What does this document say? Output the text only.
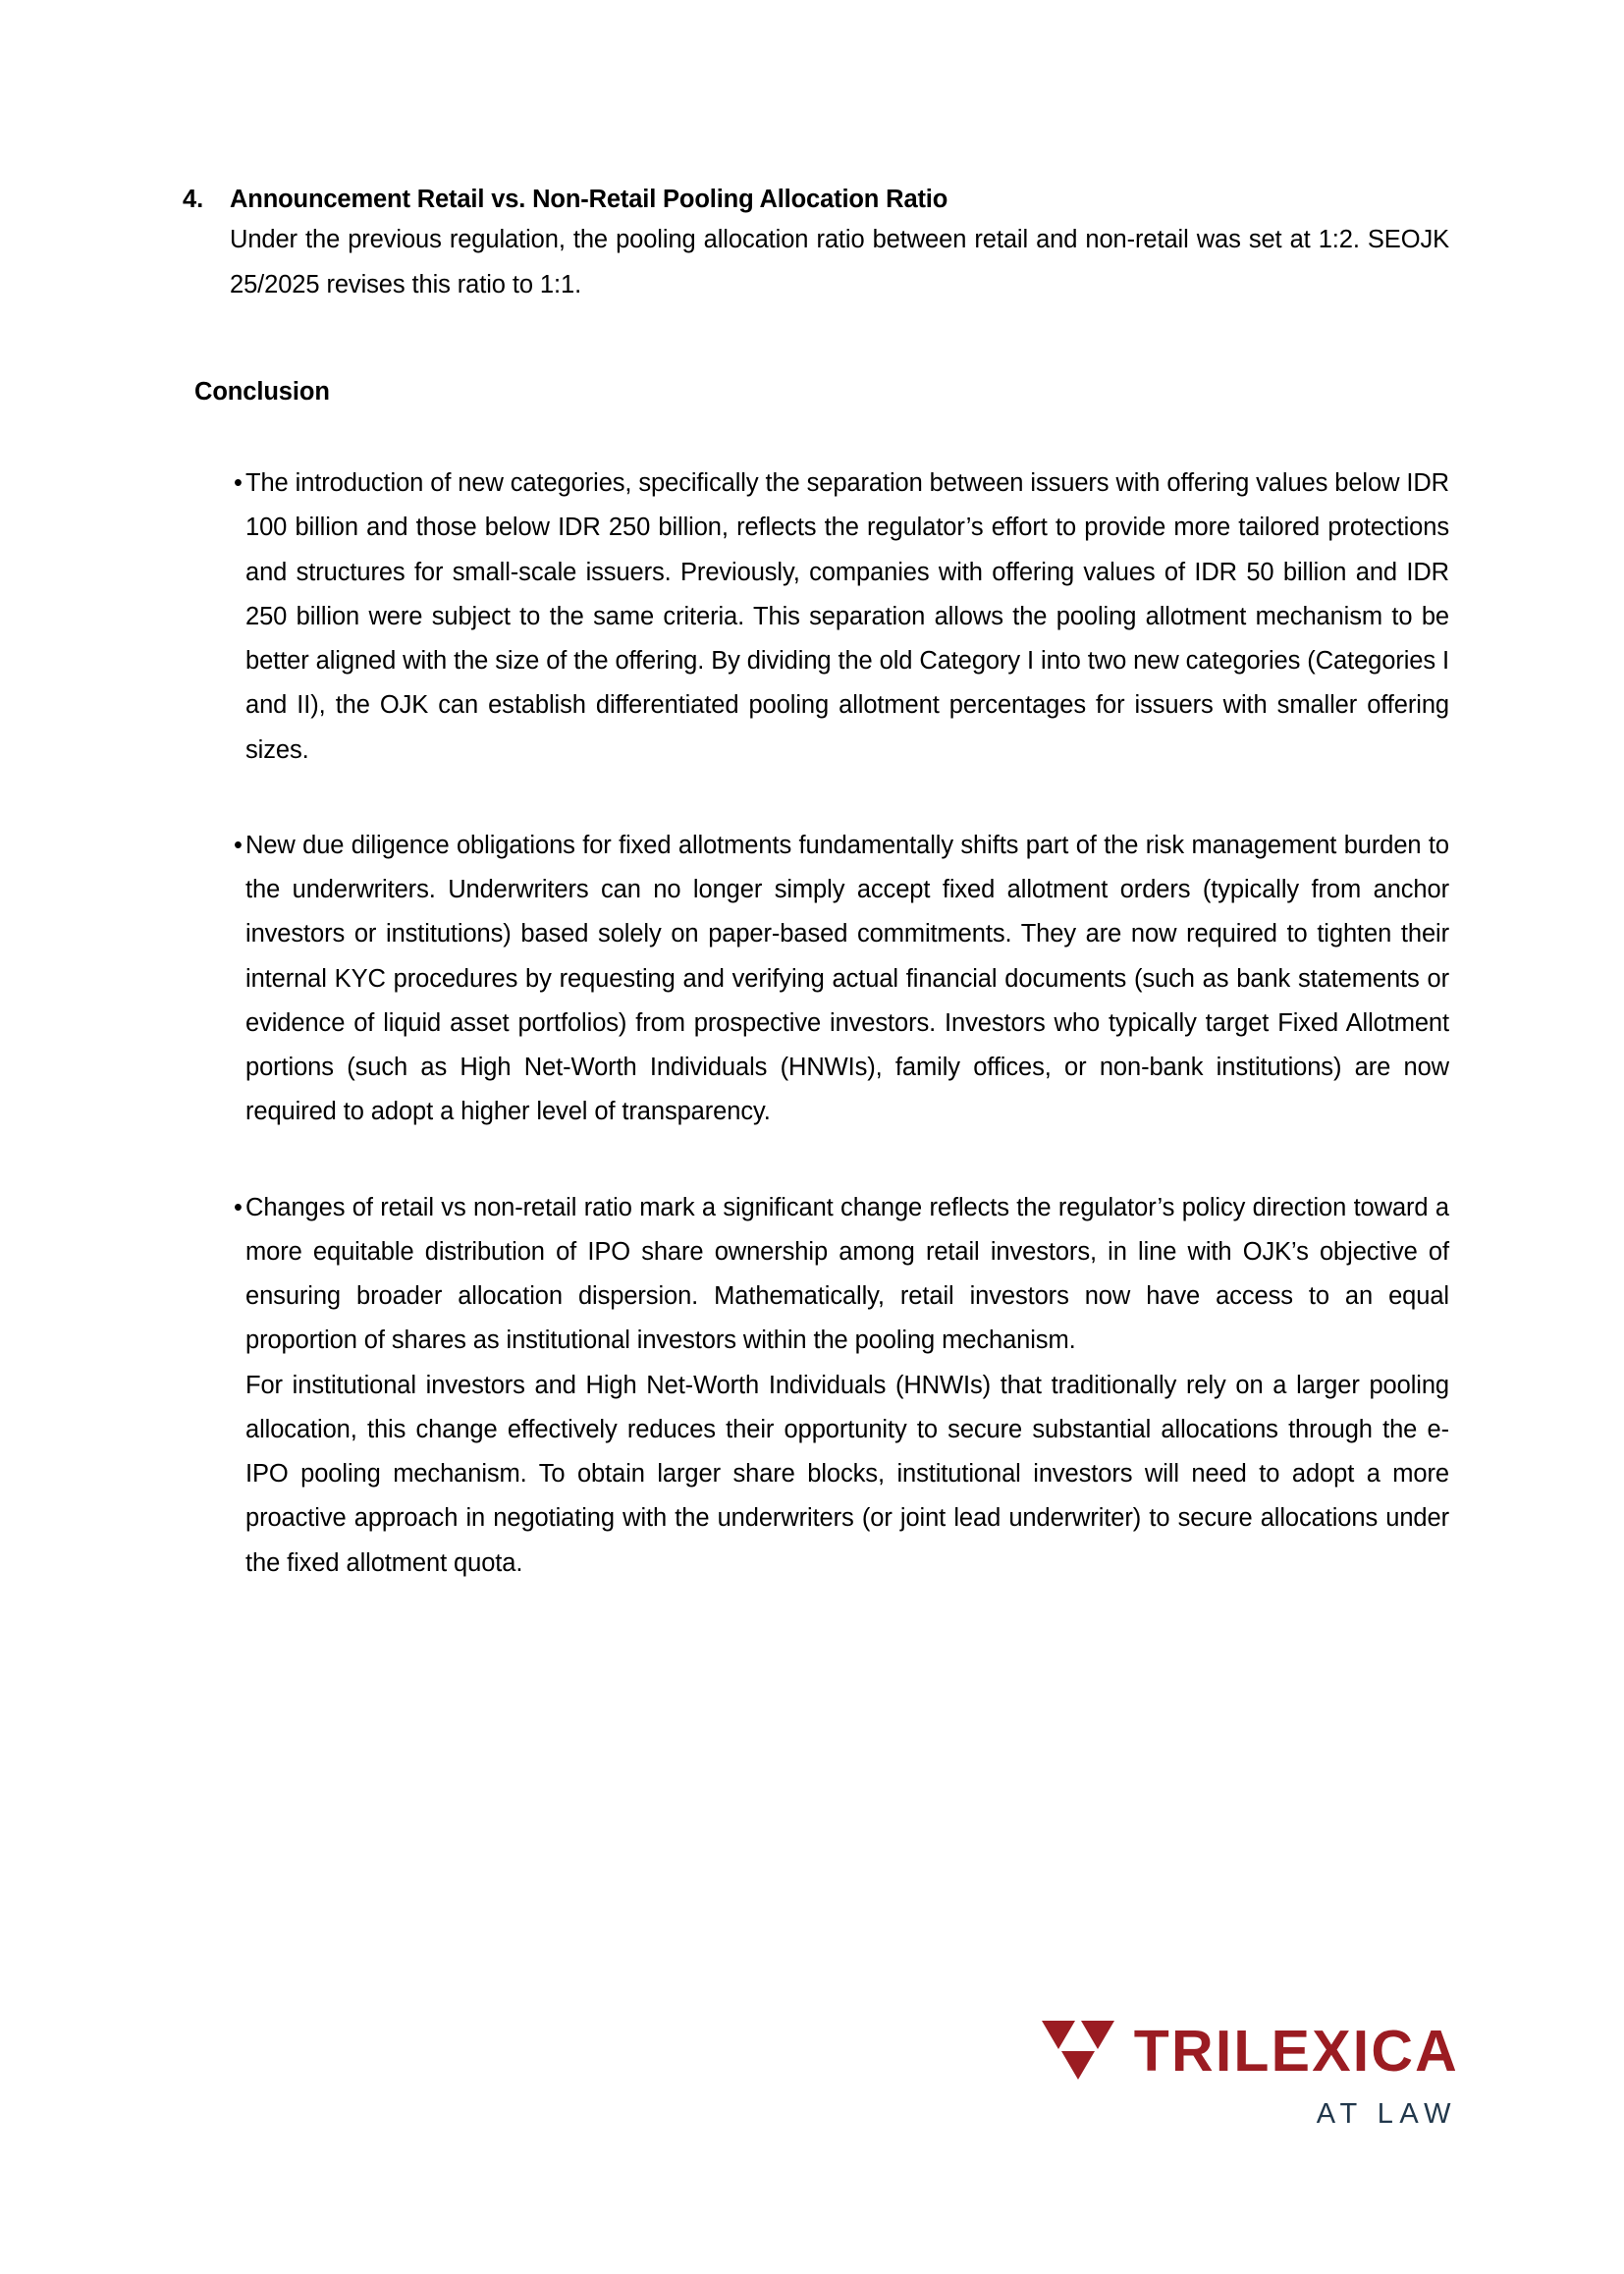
4.	Announcement Retail vs. Non-Retail Pooling Allocation Ratio

Under the previous regulation, the pooling allocation ratio between retail and non-retail was set at 1:2. SEOJK 25/2025 revises this ratio to 1:1.

Conclusion
• The introduction of new categories, specifically the separation between issuers with offering values below IDR 100 billion and those below IDR 250 billion, reflects the regulator’s effort to provide more tailored protections and structures for small-scale issuers. Previously, companies with offering values of IDR 50 billion and IDR 250 billion were subject to the same criteria. This separation allows the pooling allotment mechanism to be better aligned with the size of the offering. By dividing the old Category I into two new categories (Categories I and II), the OJK can establish differentiated pooling allotment percentages for issuers with smaller offering sizes.

• New due diligence obligations for fixed allotments fundamentally shifts part of the risk management burden to the underwriters. Underwriters can no longer simply accept fixed allotment orders (typically from anchor investors or institutions) based solely on paper-based commitments. They are now required to tighten their internal KYC procedures by requesting and verifying actual financial documents (such as bank statements or evidence of liquid asset portfolios) from prospective investors. Investors who typically target Fixed Allotment portions (such as High Net-Worth Individuals (HNWIs), family offices, or non-bank institutions) are now required to adopt a higher level of transparency.

• Changes of retail vs non-retail ratio mark a significant change reflects the regulator’s policy direction toward a more equitable distribution of IPO share ownership among retail investors, in line with OJK’s objective of ensuring broader allocation dispersion. Mathematically, retail investors now have access to an equal proportion of shares as institutional investors within the pooling mechanism.

For institutional investors and High Net-Worth Individuals (HNWIs) that traditionally rely on a larger pooling allocation, this change effectively reduces their opportunity to secure substantial allocations through the e-IPO pooling mechanism. To obtain larger share blocks, institutional investors will need to adopt a more proactive approach in negotiating with the underwriters (or joint lead underwriter) to secure allocations under the fixed allotment quota.

TRILEXICA
AT LAW
